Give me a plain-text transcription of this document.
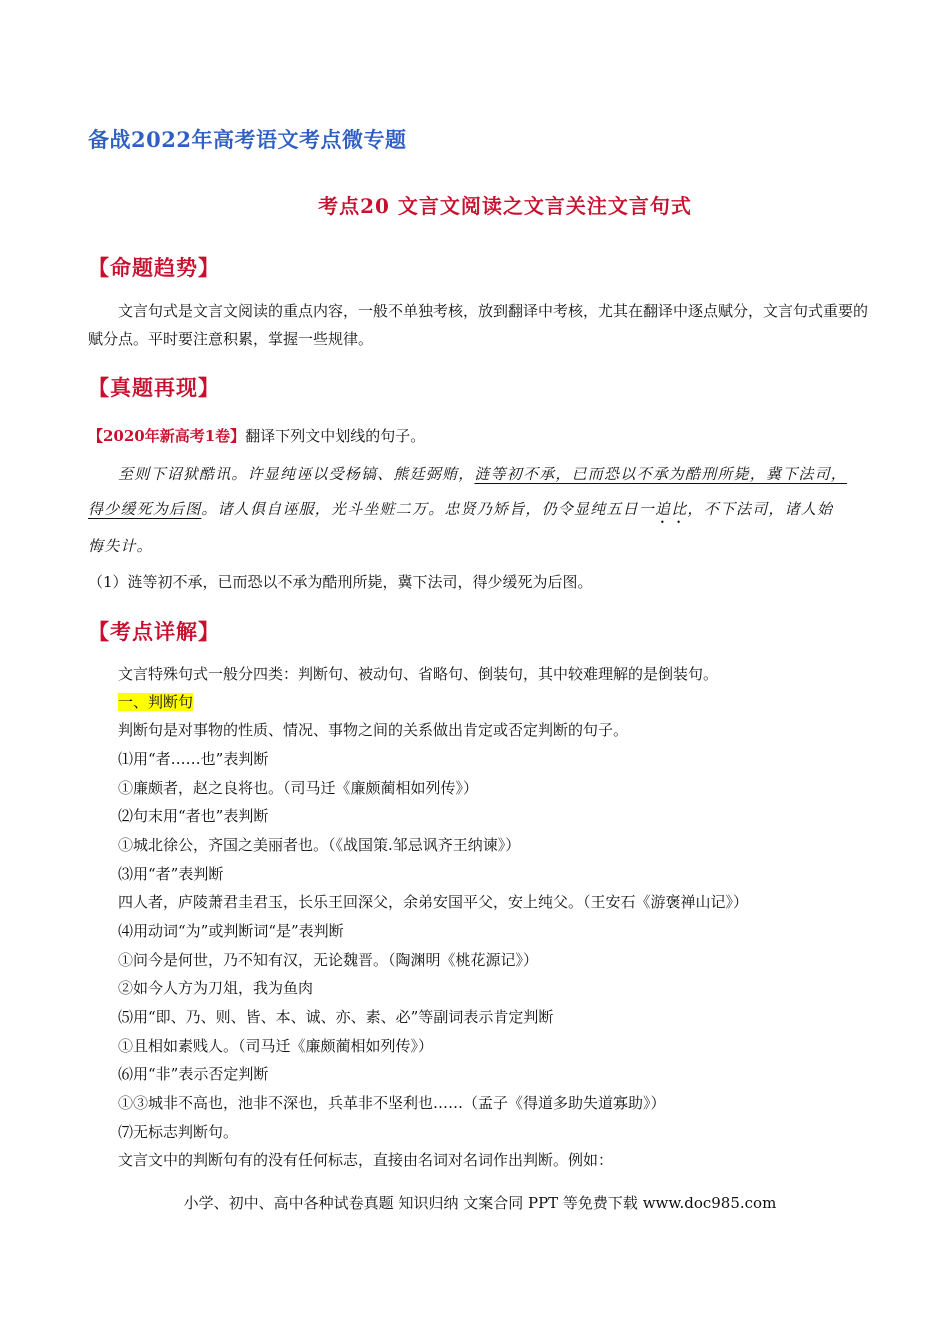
备战2022年高考语文考点微专题
考点20 文言文阅读之文言关注文言句式
【命题趋势】
文言句式是文言文阅读的重点内容，一般不单独考核，放到翻译中考核，尤其在翻译中逐点赋分，文言句式重要的赋分点。平时要注意积累，掌握一些规律。
【真题再现】
【2020年新高考1卷】翻译下列文中划线的句子。
至则下诏狱酷讯。许显纯诬以受杨镐、熊廷弼贿，涟等初不承，已而恐以不承为酷刑所毙，冀下法司，
得少缓死为后图。诸人俱自诬服，光斗坐赃二万。忠贤乃矫旨，仍令显纯五日一追比，不下法司，诸人始
悔失计。
（1）涟等初不承，已而恐以不承为酷刑所毙，冀下法司，得少缓死为后图。
【考点详解】
文言特殊句式一般分四类：判断句、被动句、省略句、倒装句，其中较难理解的是倒装句。
一、判断句
判断句是对事物的性质、情况、事物之间的关系做出肯定或否定判断的句子。
⑴用“者……也”表判断
①廉颇者，赵之良将也。（司马迁《廉颇蔺相如列传》）
⑵句末用“者也”表判断
①城北徐公，齐国之美丽者也。（《战国策.邹忌讽齐王纳谏》）
⑶用“者”表判断
四人者，庐陵萧君圭君玉，长乐王回深父，余弟安国平父，安上纯父。（王安石《游褒禅山记》）
⑷用动词“为”或判断词“是”表判断
①问今是何世，乃不知有汉，无论魏晋。（陶渊明《桃花源记》）
②如今人方为刀俎，我为鱼肉
⑸用“即、乃、则、皆、本、诚、亦、素、必”等副词表示肯定判断
①且相如素贱人。（司马迁《廉颇蔺相如列传》）
⑹用“非”表示否定判断
①③城非不高也，池非不深也，兵革非不坚利也……（孟子《得道多助失道寡助》）
⑺无标志判断句。
文言文中的判断句有的没有任何标志，直接由名词对名词作出判断。例如：
小学、初中、高中各种试卷真题 知识归纳 文案合同 PPT 等免费下载 www.doc985.com
